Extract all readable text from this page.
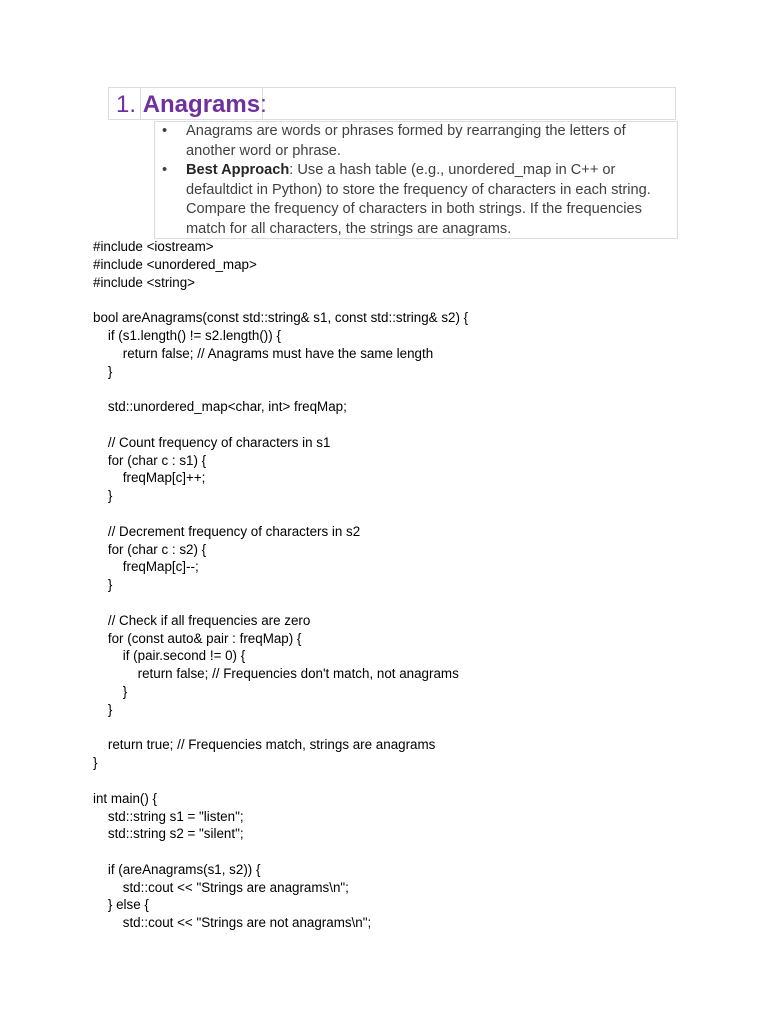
1. Anagrams:
• Anagrams are words or phrases formed by rearranging the letters of another word or phrase.
• Best Approach: Use a hash table (e.g., unordered_map in C++ or defaultdict in Python) to store the frequency of characters in each string. Compare the frequency of characters in both strings. If the frequencies match for all characters, the strings are anagrams.
#include <iostream>
#include <unordered_map>
#include <string>
bool areAnagrams(const std::string& s1, const std::string& s2) {
if (s1.length() != s2.length()) {
return false; // Anagrams must have the same length
}
std::unordered_map<char, int> freqMap;
// Count frequency of characters in s1
for (char c : s1) {
freqMap[c]++;
}
// Decrement frequency of characters in s2
for (char c : s2) {
freqMap[c]--;
}
// Check if all frequencies are zero
for (const auto& pair : freqMap) {
if (pair.second != 0) {
return false; // Frequencies don't match, not anagrams
}
}
return true; // Frequencies match, strings are anagrams
}
int main() {
std::string s1 = "listen";
std::string s2 = "silent";
if (areAnagrams(s1, s2)) {
std::cout << "Strings are anagrams\n";
} else {
std::cout << "Strings are not anagrams\n";
